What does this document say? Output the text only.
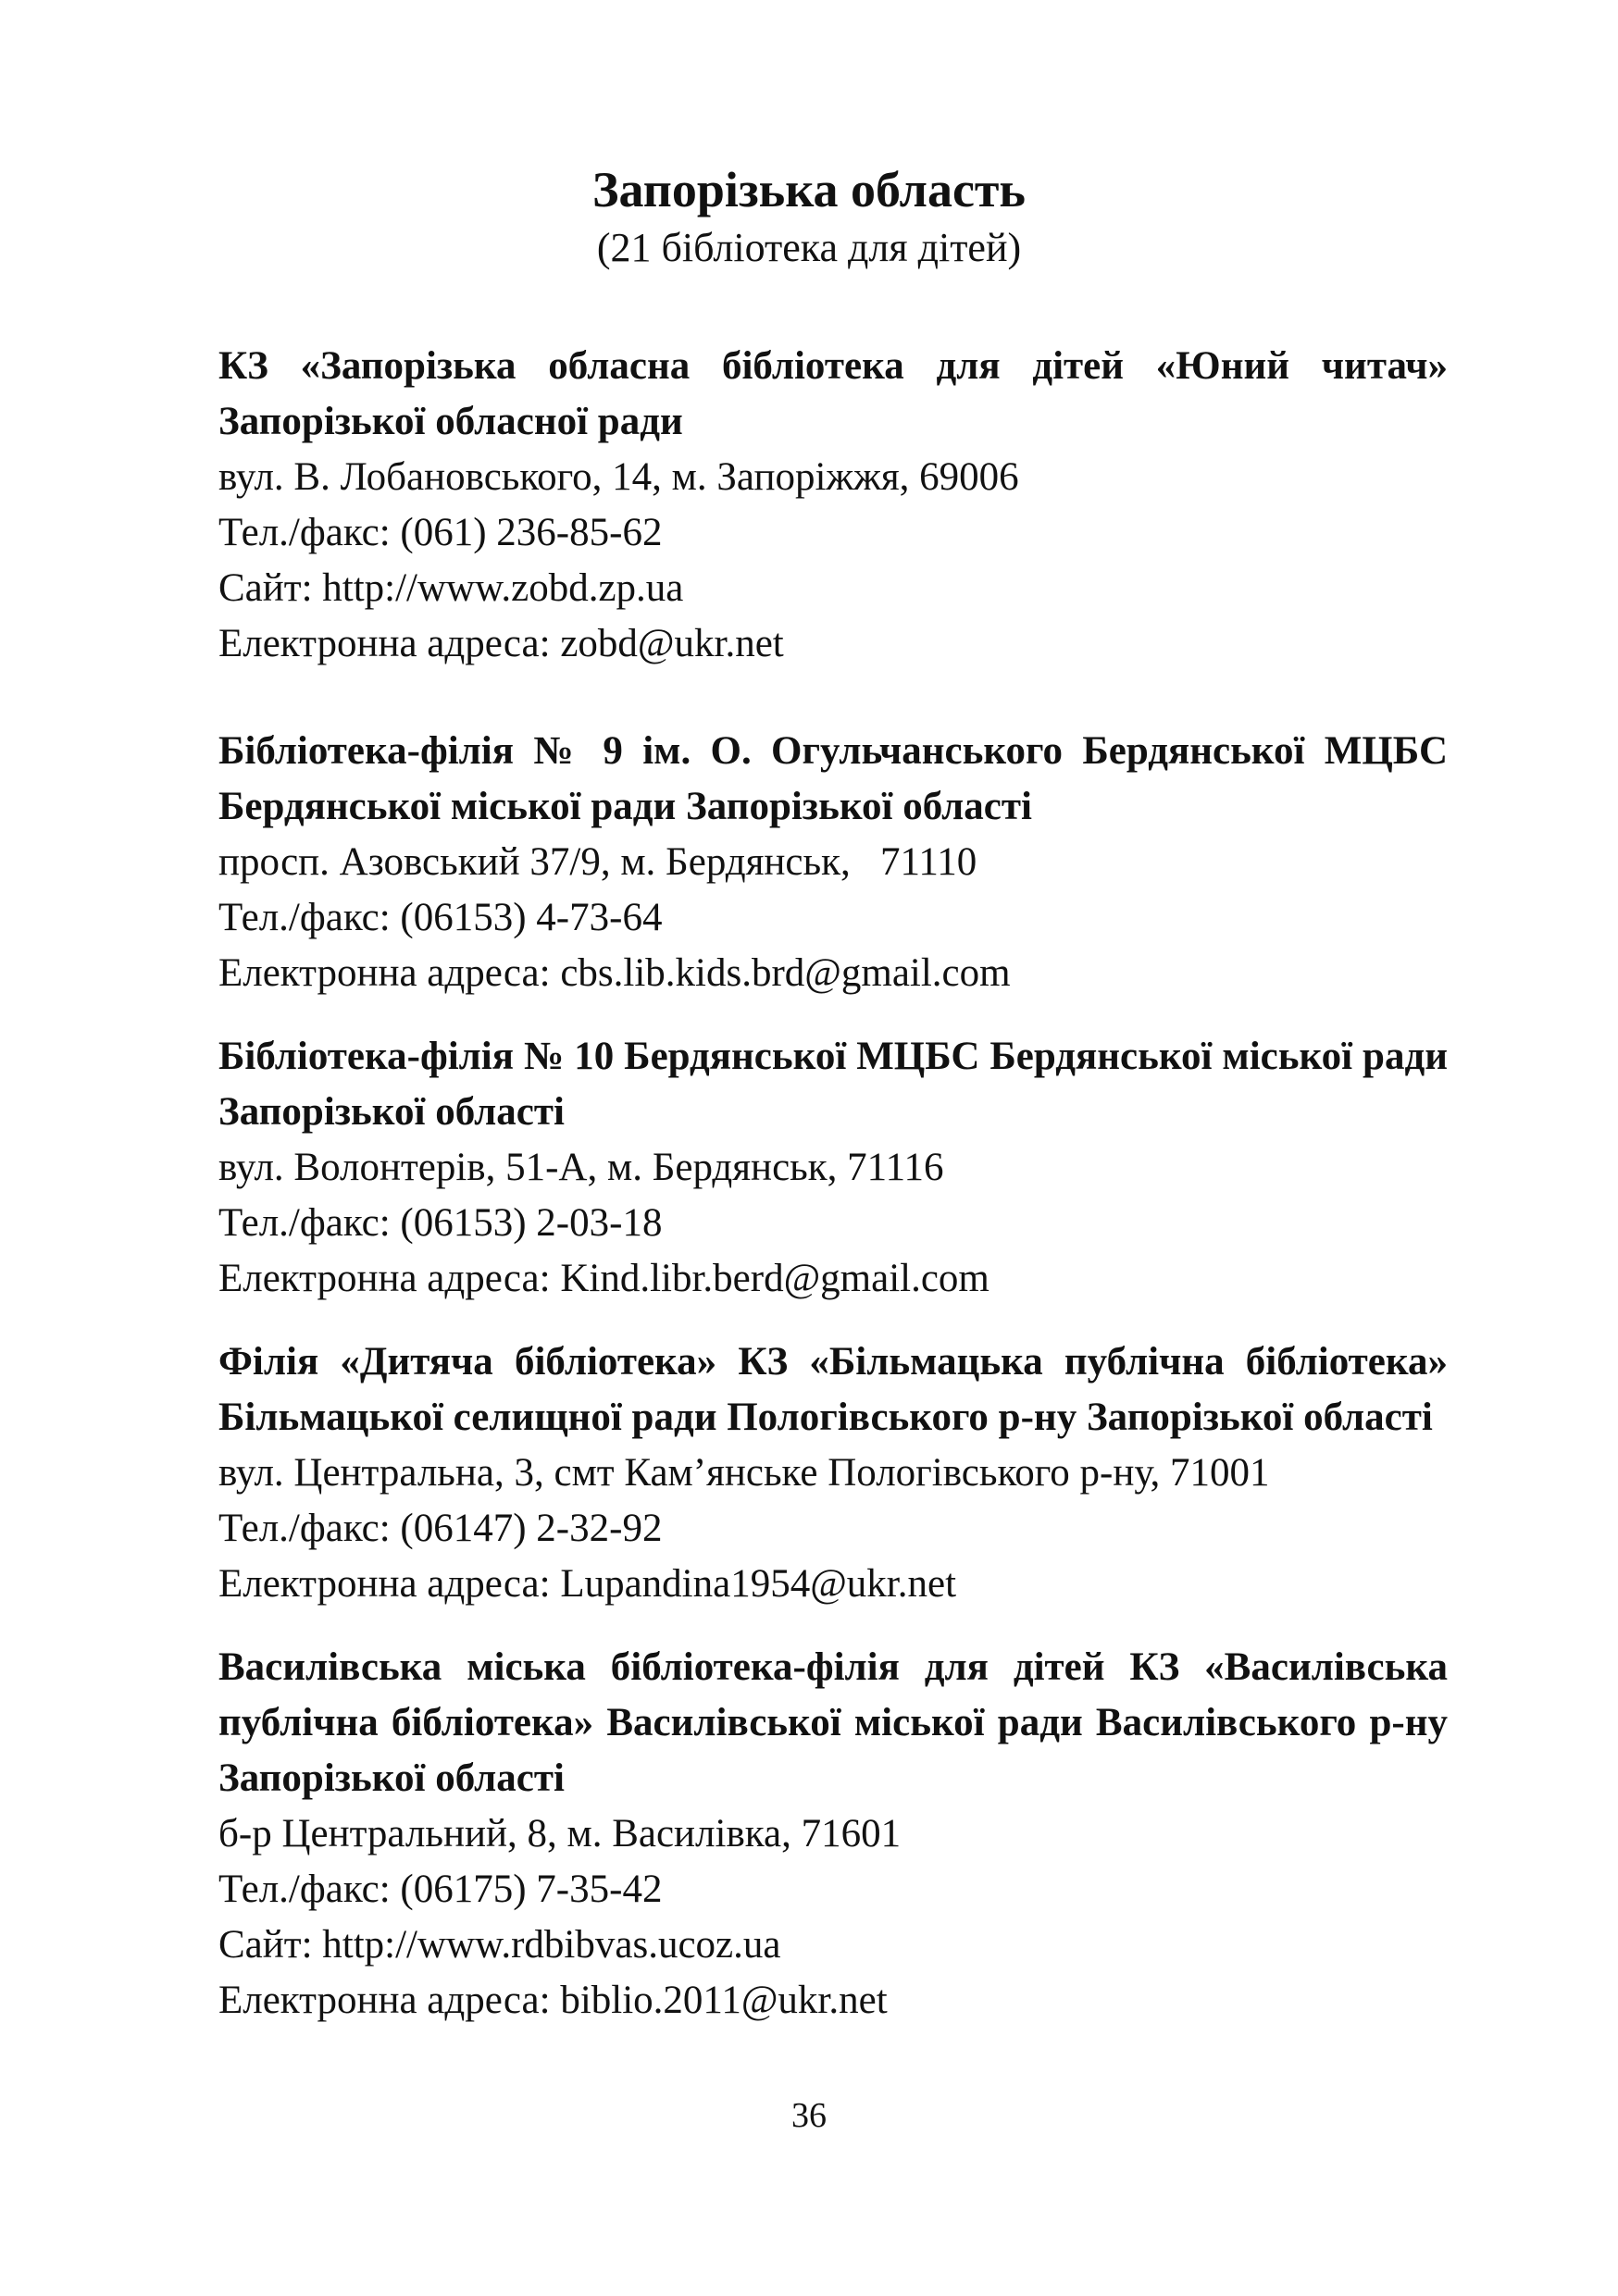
Запорізька область
(21 бібліотека для дітей)
КЗ «Запорізька обласна бібліотека для дітей «Юний читач» Запорізької обласної ради
вул. В. Лобановського, 14, м. Запоріжжя, 69006
Тел./факс: (061) 236-85-62
Сайт: http://www.zobd.zp.ua
Електронна адреса: zobd@ukr.net
Бібліотека-філія № 9 ім. О. Огульчанського Бердянської МЦБС Бердянської міської ради Запорізької області
просп. Азовський 37/9, м. Бердянськ,   71110
Тел./факс: (06153) 4-73-64
Електронна адреса: cbs.lib.kids.brd@gmail.com
Бібліотека-філія № 10 Бердянської МЦБС Бердянської міської ради Запорізької області
вул. Волонтерів, 51-А, м. Бердянськ, 71116
Тел./факс: (06153) 2-03-18
Електронна адреса: Kind.libr.berd@gmail.com
Філія «Дитяча бібліотека» КЗ «Більмацька публічна бібліотека» Більмацької селищної ради Пологівського р-ну Запорізької області
вул. Центральна, 3, смт Кам’янське Пологівського р-ну, 71001
Тел./факс: (06147) 2-32-92
Електронна адреса: Lupandina1954@ukr.net
Василівська міська бібліотека-філія для дітей КЗ «Василівська публічна бібліотека» Василівської міської ради Василівського р-ну Запорізької області
б-р Центральний, 8, м. Василівка, 71601
Тел./факс: (06175) 7-35-42
Сайт: http://www.rdbibvas.ucoz.ua
Електронна адреса: biblio.2011@ukr.net
36
